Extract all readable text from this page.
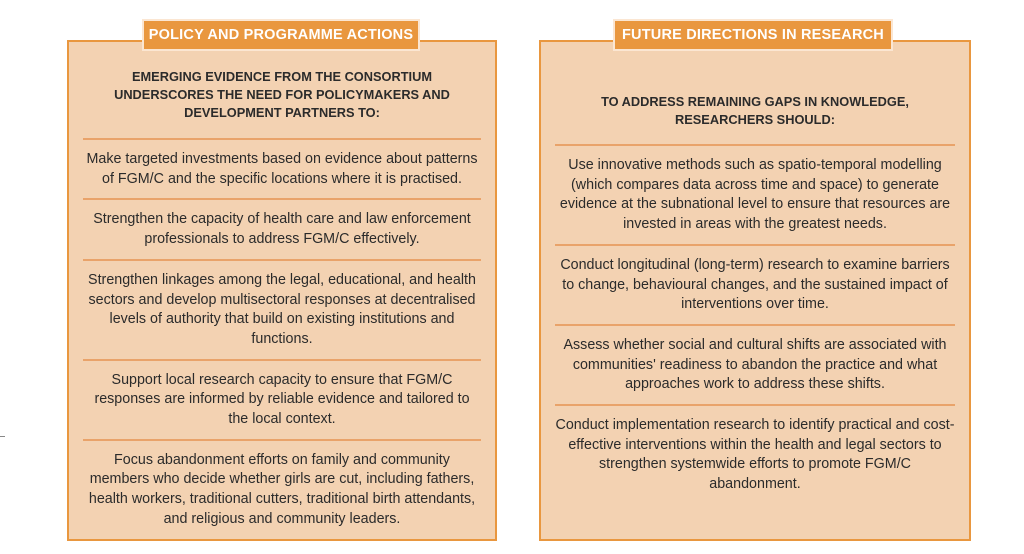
POLICY AND PROGRAMME ACTIONS
EMERGING EVIDENCE FROM THE CONSORTIUM UNDERSCORES THE NEED FOR POLICYMAKERS AND DEVELOPMENT PARTNERS TO:
Make targeted investments based on evidence about patterns of FGM/C and the specific locations where it is practised.
Strengthen the capacity of health care and law enforcement professionals to address FGM/C effectively.
Strengthen linkages among the legal, educational, and health sectors and develop multisectoral responses at decentralised levels of authority that build on existing institutions and functions.
Support local research capacity to ensure that FGM/C responses are informed by reliable evidence and tailored to the local context.
Focus abandonment efforts on family and community members who decide whether girls are cut, including fathers, health workers, traditional cutters, traditional birth attendants, and religious and community leaders.
FUTURE DIRECTIONS IN RESEARCH
TO ADDRESS REMAINING GAPS IN KNOWLEDGE, RESEARCHERS SHOULD:
Use innovative methods such as spatio-temporal modelling (which compares data across time and space) to generate evidence at the subnational level to ensure that resources are invested in areas with the greatest needs.
Conduct longitudinal (long-term) research to examine barriers to change, behavioural changes, and the sustained impact of interventions over time.
Assess whether social and cultural shifts are associated with communities' readiness to abandon the practice and what approaches work to address these shifts.
Conduct implementation research to identify practical and cost-effective interventions within the health and legal sectors to strengthen systemwide efforts to promote FGM/C abandonment.
